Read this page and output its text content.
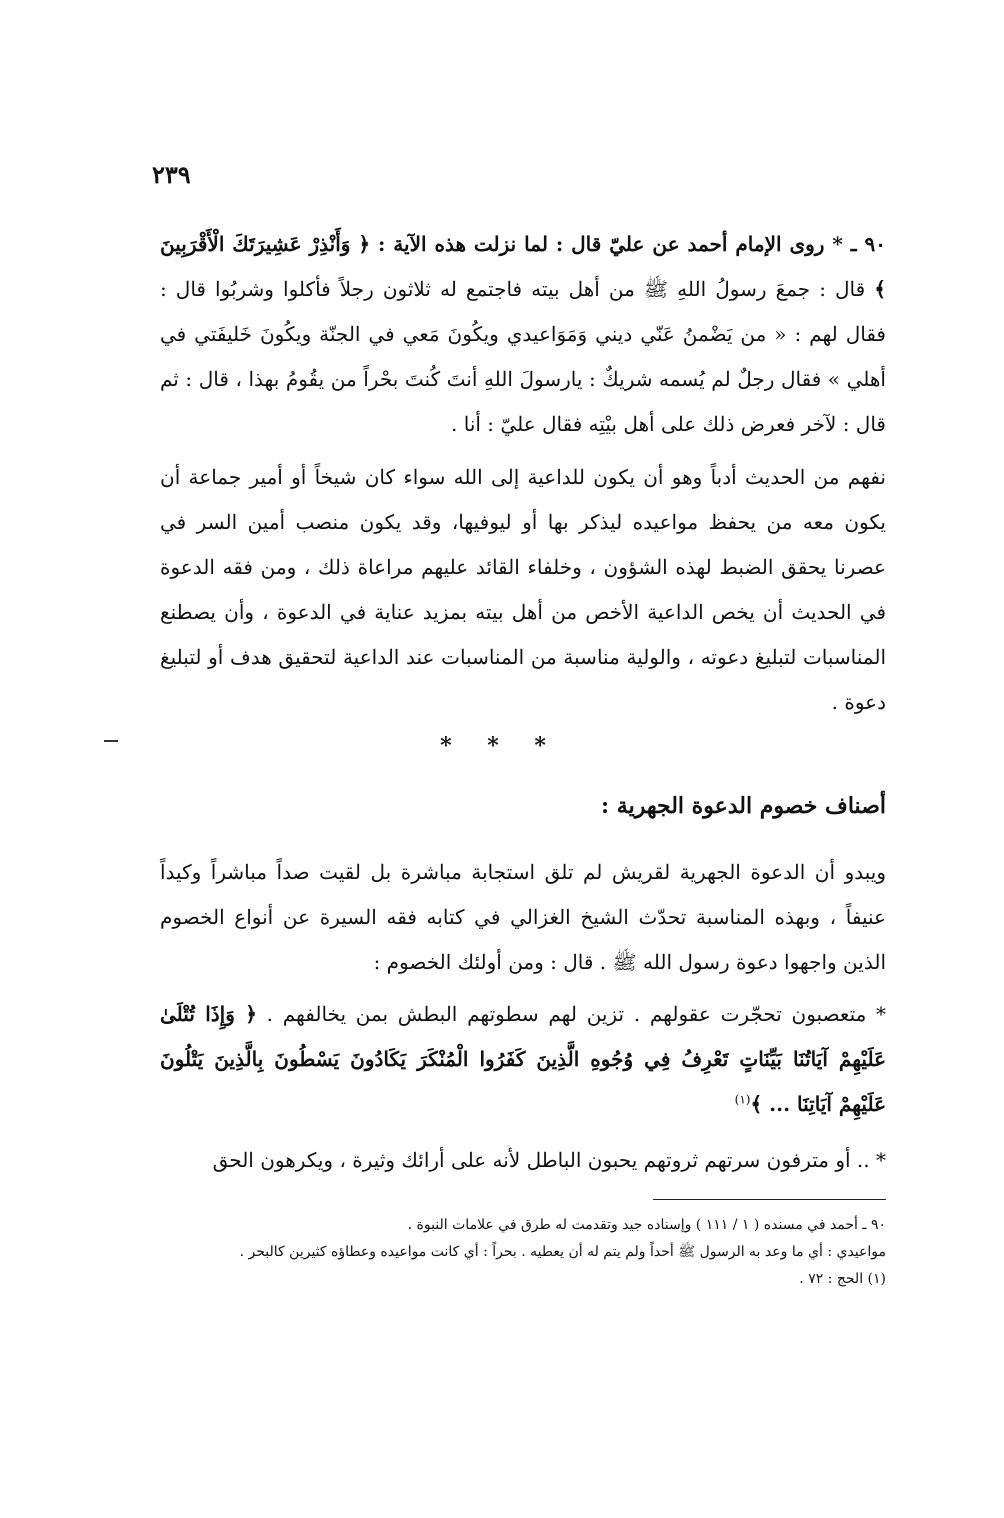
٢٣٩
٩٠ ـ * روى الإمام أحمد عن عليّ قال : لما نزلت هذه الآية : ﴿ وَأَنْذِرْ عَشِيرَتَكَ الْأَقْرَبِينَ ﴾ قال : جمعَ رسولُ اللهِ ﷺ من أهل بيته فاجتمع له ثلاثون رجلاً فأكلوا وشربُوا قال : فقال لهم : « من يَضْمنُ عَنّي ديني وَمَوَاعيدي ويكُونَ مَعي في الجنّة ويكُونَ خَليفَتي في أهلي » فقال رجلٌ لم يُسمه شريكٌ : يارسولَ اللهِ أنتَ كُنتَ بحْراً من يقُومُ بهذا ، قال : ثم قال : لآخر فعرض ذلك على أهل بيْتِه فقال عليّ : أنا .
نفهم من الحديث أدباً وهو أن يكون للداعية إلى الله سواء كان شيخاً أو أمير جماعة أن يكون معه من يحفظ مواعيده ليذكر بها أو ليوفيها، وقد يكون منصب أمين السر في عصرنا يحقق الضبط لهذه الشؤون ، وخلفاء القائد عليهم مراعاة ذلك ، ومن فقه الدعوة في الحديث أن يخص الداعية الأخص من أهل بيته بمزيد عناية في الدعوة ، وأن يصطنع المناسبات لتبليغ دعوته ، والولية مناسبة من المناسبات عند الداعية لتحقيق هدف أو لتبليغ دعوة .
* * *
أصناف خصوم الدعوة الجهرية :
ويبدو أن الدعوة الجهرية لقريش لم تلق استجابة مباشرة بل لقيت صداً مباشراً وكيداً عنيفاً ، وبهذه المناسبة تحدّث الشيخ الغزالي في كتابه فقه السيرة عن أنواع الخصوم الذين واجهوا دعوة رسول الله ﷺ . قال : ومن أولئك الخصوم :
* متعصبون تحجّرت عقولهم . تزين لهم سطوتهم البطش بمن يخالفهم . ﴿ وَإِذَا تُتْلَىٰ عَلَيْهِمْ آيَاتُنَا بَيِّنَاتٍ تَعْرِفُ فِي وُجُوهِ الَّذِينَ كَفَرُوا الْمُنْكَرَ يَكَادُونَ يَسْطُونَ بِالَّذِينَ يَتْلُونَ عَلَيْهِمْ آيَاتِنَا ... ﴾$^{(١)}$
* .. أو مترفون سرتهم ثروتهم يحبون الباطل لأنه على أرائك وثيرة ، ويكرهون الحق
٩٠ ـ أحمد في مسنده ( ١ / ١١١ ) وإسناده جيد وتقدمت له طرق في علامات النبوة .
مواعيدي : أي ما وعد به الرسول ﷺ أحداً ولم يتم له أن يعطيه . بحراً : أي كانت مواعيده وعطاؤه كثيرين كالبحر .
(١) الحج : ٧٢ .
